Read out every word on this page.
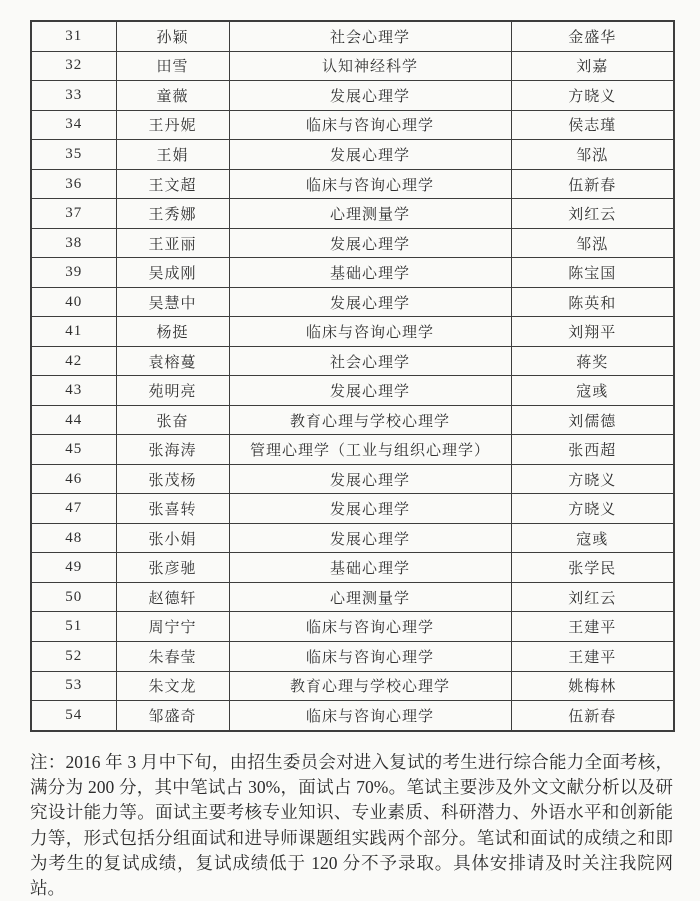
31	孙颖	社会心理学	金盛华
32	田雪	认知神经科学	刘嘉
33	童薇	发展心理学	方晓义
34	王丹妮	临床与咨询心理学	侯志瑾
35	王娟	发展心理学	邹泓
36	王文超	临床与咨询心理学	伍新春
37	王秀娜	心理测量学	刘红云
38	王亚丽	发展心理学	邹泓
39	吴成刚	基础心理学	陈宝国
40	吴慧中	发展心理学	陈英和
41	杨挺	临床与咨询心理学	刘翔平
42	袁榕蔓	社会心理学	蒋奖
43	苑明亮	发展心理学	寇彧
44	张奋	教育心理与学校心理学	刘儒德
45	张海涛	管理心理学（工业与组织心理学）	张西超
46	张茂杨	发展心理学	方晓义
47	张喜转	发展心理学	方晓义
48	张小娟	发展心理学	寇彧
49	张彦驰	基础心理学	张学民
50	赵德轩	心理测量学	刘红云
51	周宁宁	临床与咨询心理学	王建平
52	朱春莹	临床与咨询心理学	王建平
53	朱文龙	教育心理与学校心理学	姚梅林
54	邹盛奇	临床与咨询心理学	伍新春

注：2016 年 3 月中下旬，由招生委员会对进入复试的考生进行综合能力全面考核，满分为 200 分，其中笔试占 30%，面试占 70%。笔试主要涉及外文文献分析以及研究设计能力等。面试主要考核专业知识、专业素质、科研潜力、外语水平和创新能力等，形式包括分组面试和进导师课题组实践两个部分。笔试和面试的成绩之和即为考生的复试成绩，复试成绩低于 120 分不予录取。具体安排请及时关注我院网站。
